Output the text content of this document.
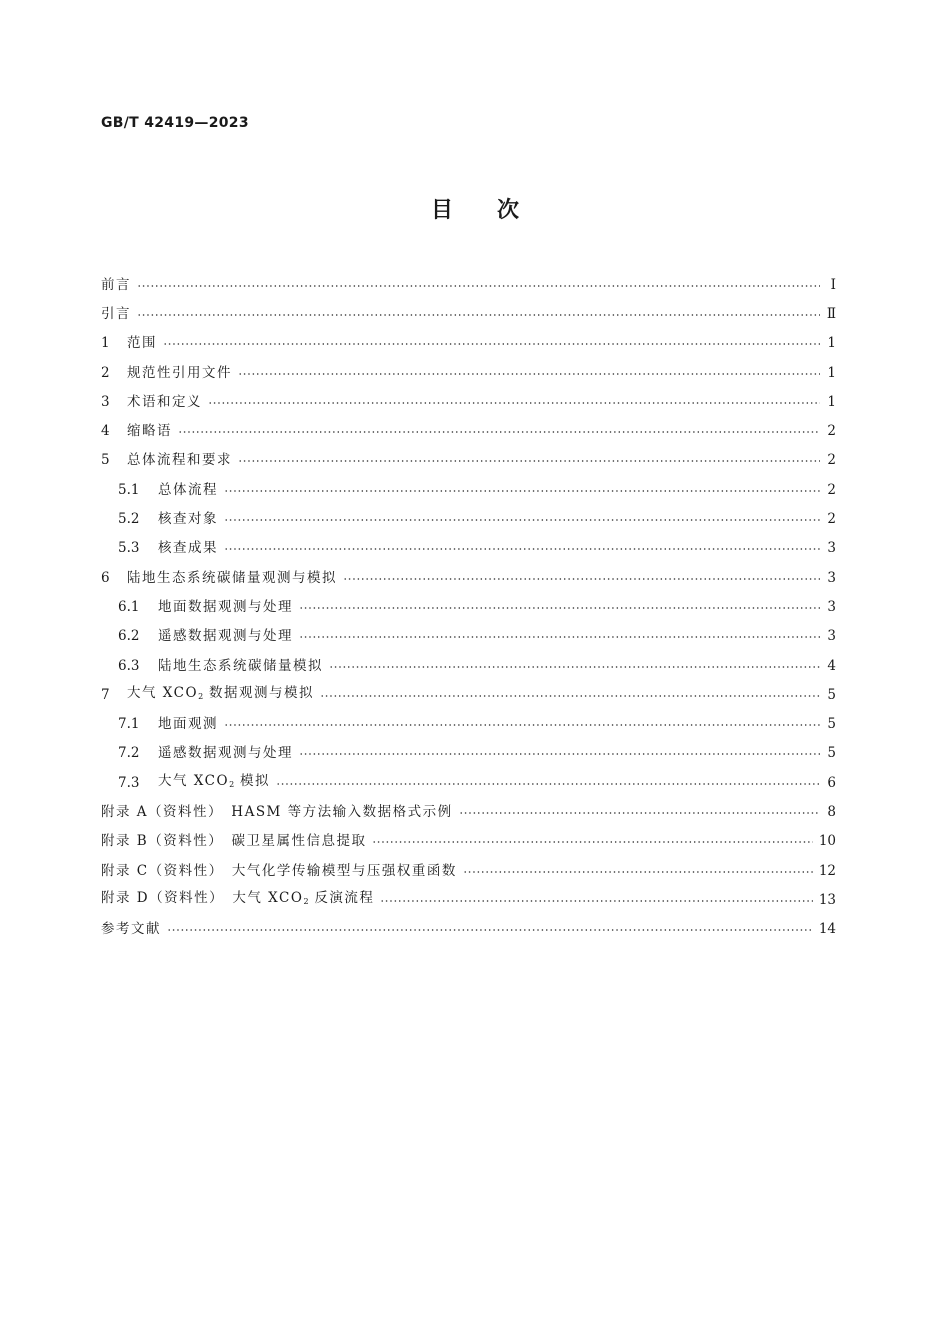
GB/T 42419—2023
目　　次
前言	Ⅰ
引言	Ⅱ
1	范围	1
2	规范性引用文件	1
3	术语和定义	1
4	缩略语	2
5	总体流程和要求	2
5.1	总体流程	2
5.2	核查对象	2
5.3	核查成果	3
6	陆地生态系统碳储量观测与模拟	3
6.1	地面数据观测与处理	3
6.2	遥感数据观测与处理	3
6.3	陆地生态系统碳储量模拟	4
7	大气 $XCO_2$ 数据观测与模拟	5
7.1	地面观测	5
7.2	遥感数据观测与处理	5
7.3	大气 $XCO_2$ 模拟	6
附录 A（资料性）　HASM 等方法输入数据格式示例	8
附录 B（资料性）　碳卫星属性信息提取	10
附录 C（资料性）　大气化学传输模型与压强权重函数	12
附录 D（资料性）　大气 $XCO_2$ 反演流程	13
参考文献	14
